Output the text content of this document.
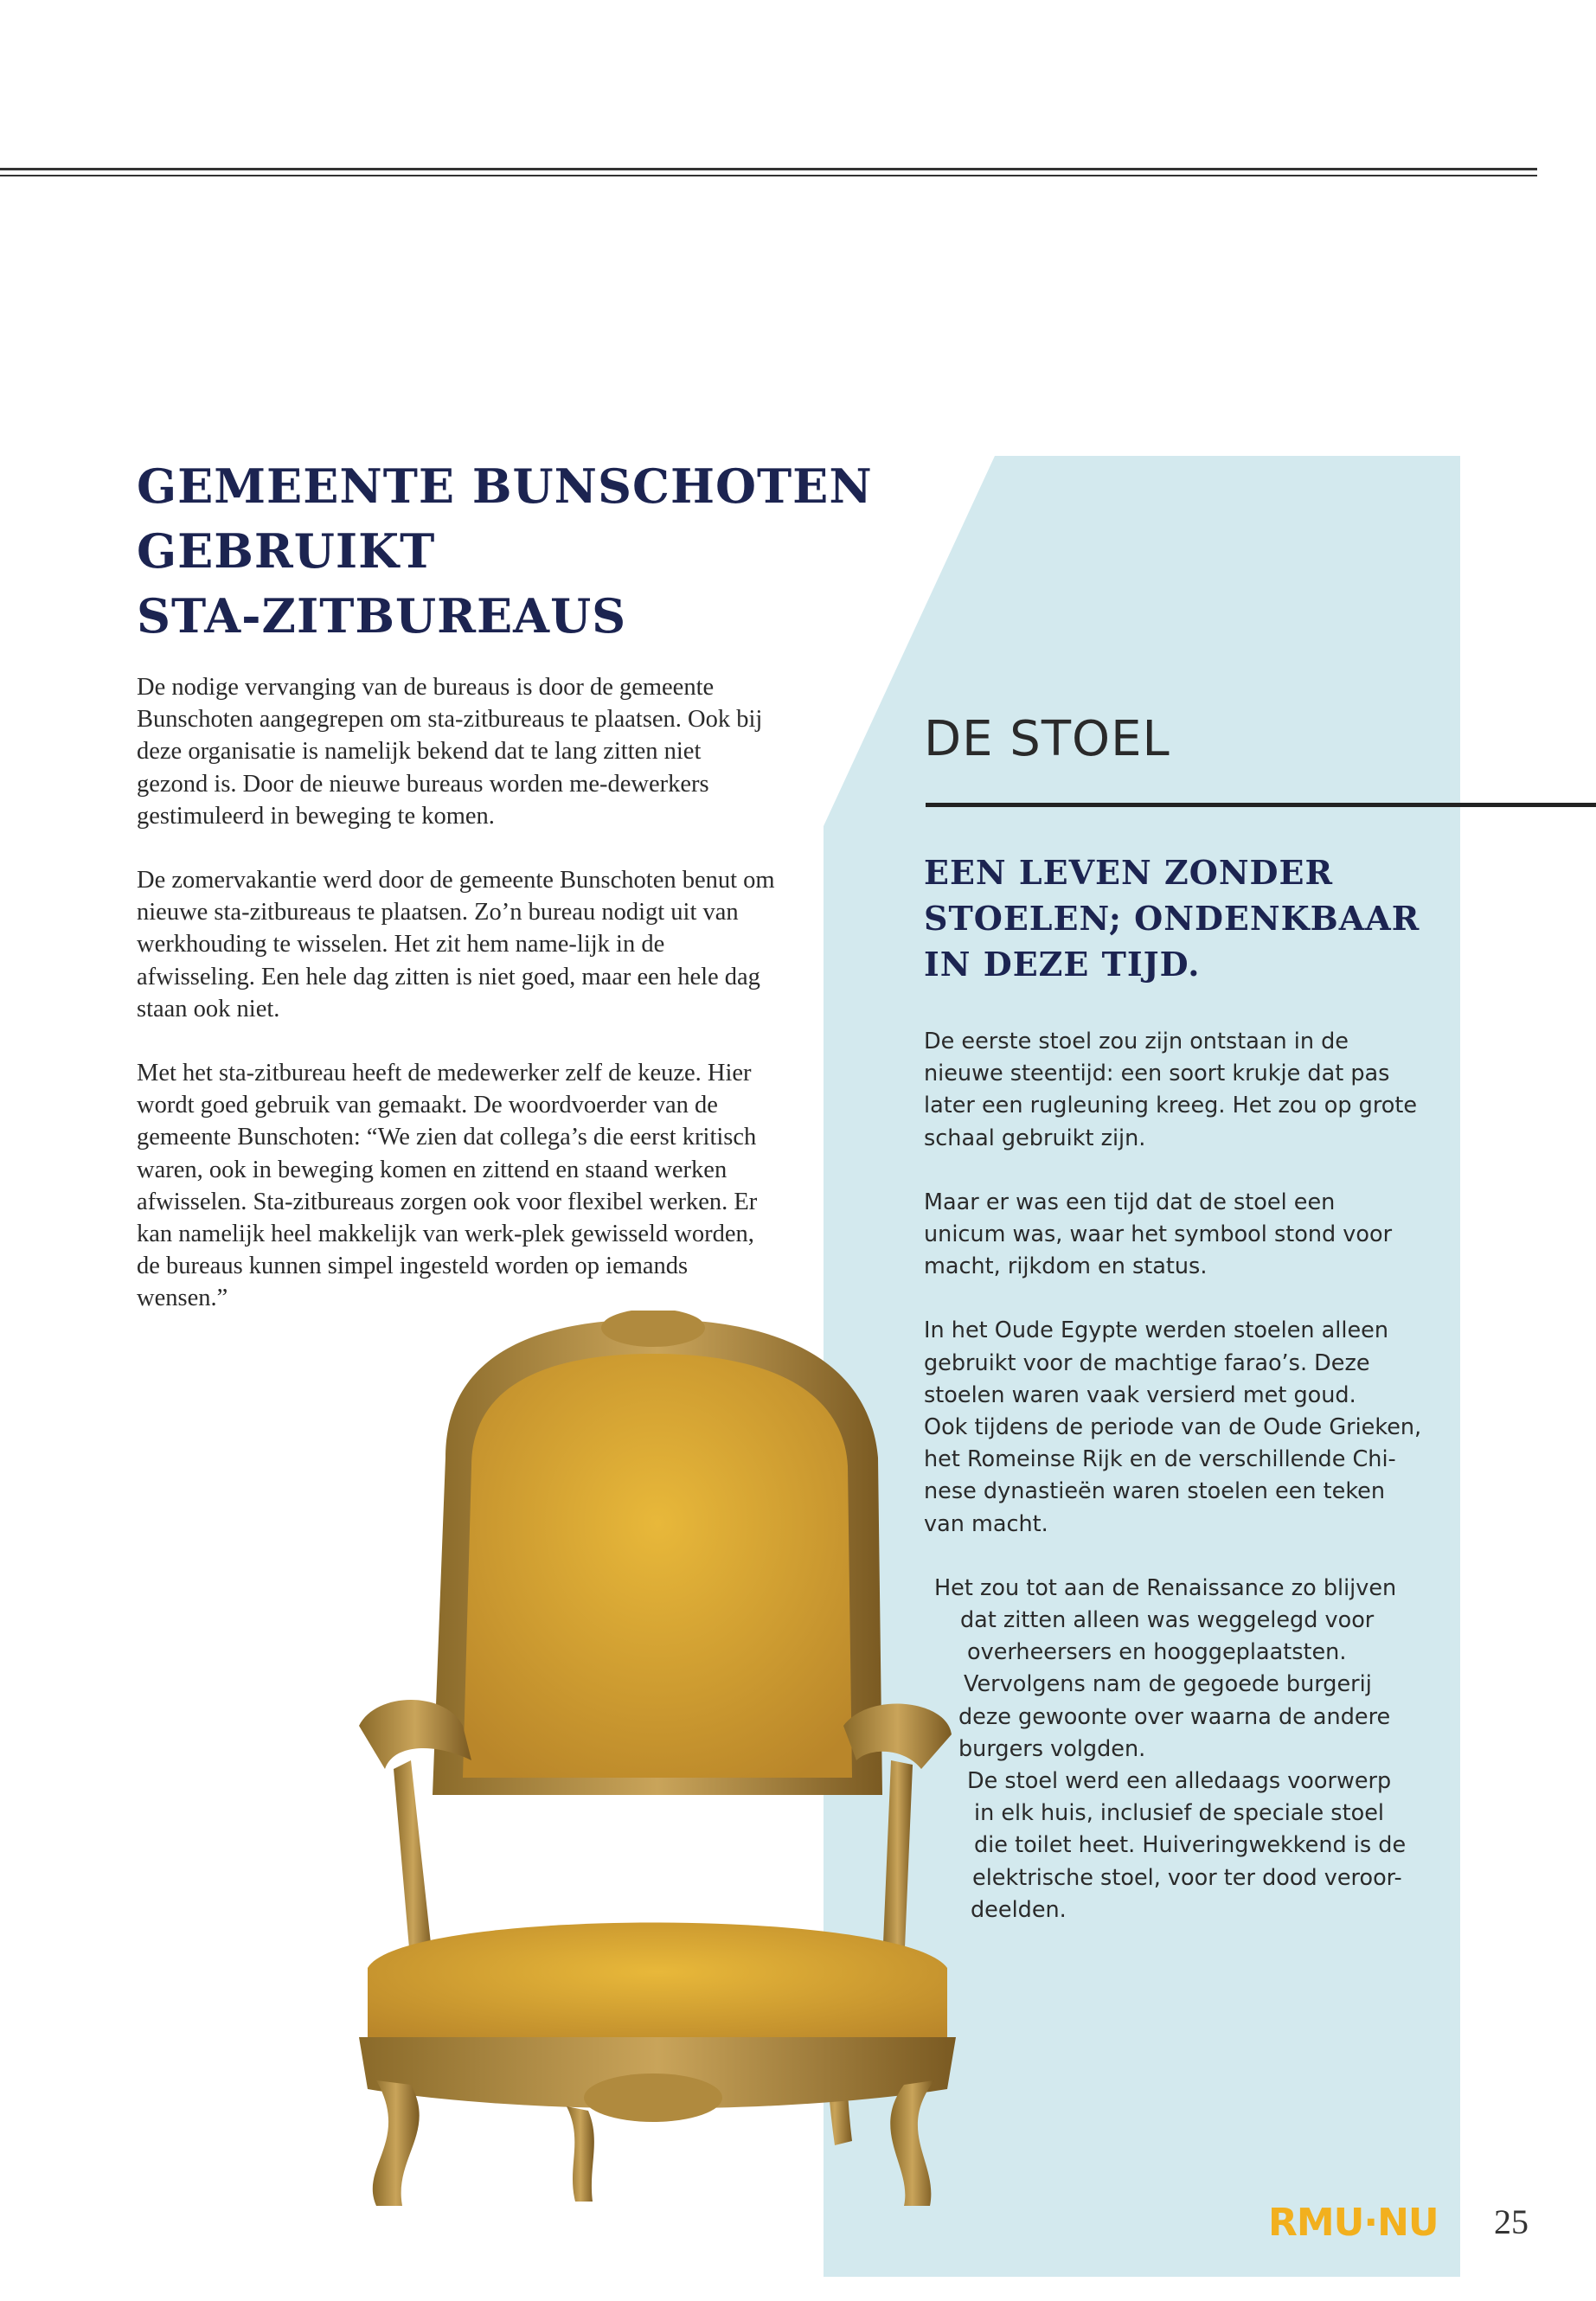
GEMEENTE BUNSCHOTEN
GEBRUIKT
STA-ZITBUREAUS

De nodige vervanging van de bureaus is door de gemeente Bunschoten aangegrepen om sta-zitbureaus te plaatsen. Ook bij deze organisatie is namelijk bekend dat te lang zitten niet gezond is. Door de nieuwe bureaus worden me-dewerkers gestimuleerd in beweging te komen.

De zomervakantie werd door de gemeente Bunschoten benut om nieuwe sta-zitbureaus te plaatsen. Zo’n bureau nodigt uit van werkhouding te wisselen. Het zit hem name-lijk in de afwisseling. Een hele dag zitten is niet goed, maar een hele dag staan ook niet.

Met het sta-zitbureau heeft de medewerker zelf de keuze. Hier wordt goed gebruik van gemaakt. De woordvoerder van de gemeente Bunschoten: “We zien dat collega’s die eerst kritisch waren, ook in beweging komen en zittend en staand werken afwisselen. Sta-zitbureaus zorgen ook voor flexibel werken. Er kan namelijk heel makkelijk van werk-plek gewisseld worden, de bureaus kunnen simpel ingesteld worden op iemands wensen.”

DE STOEL
EEN LEVEN ZONDER
STOELEN; ONDENKBAAR
IN DEZE TIJD.

De eerste stoel zou zijn ontstaan in de
nieuwe steentijd: een soort krukje dat pas
later een rugleuning kreeg. Het zou op grote
schaal gebruikt zijn.

Maar er was een tijd dat de stoel een
unicum was, waar het symbool stond voor
macht, rijkdom en status.

In het Oude Egypte werden stoelen alleen
gebruikt voor de machtige farao’s. Deze
stoelen waren vaak versierd met goud.
Ook tijdens de periode van de Oude Grieken,
het Romeinse Rijk en de verschillende Chi-
nese dynastieën waren stoelen een teken
van macht.

Het zou tot aan de Renaissance zo blijven
dat zitten alleen was weggelegd voor
overheersers en hooggeplaatsten.
Vervolgens nam de gegoede burgerij
deze gewoonte over waarna de andere
burgers volgden.
De stoel werd een alledaags voorwerp
in elk huis, inclusief de speciale stoel
die toilet heet. Huiveringwekkend is de
elektrische stoel, voor ter dood veroor-
deelden.

RMU·NU 25
